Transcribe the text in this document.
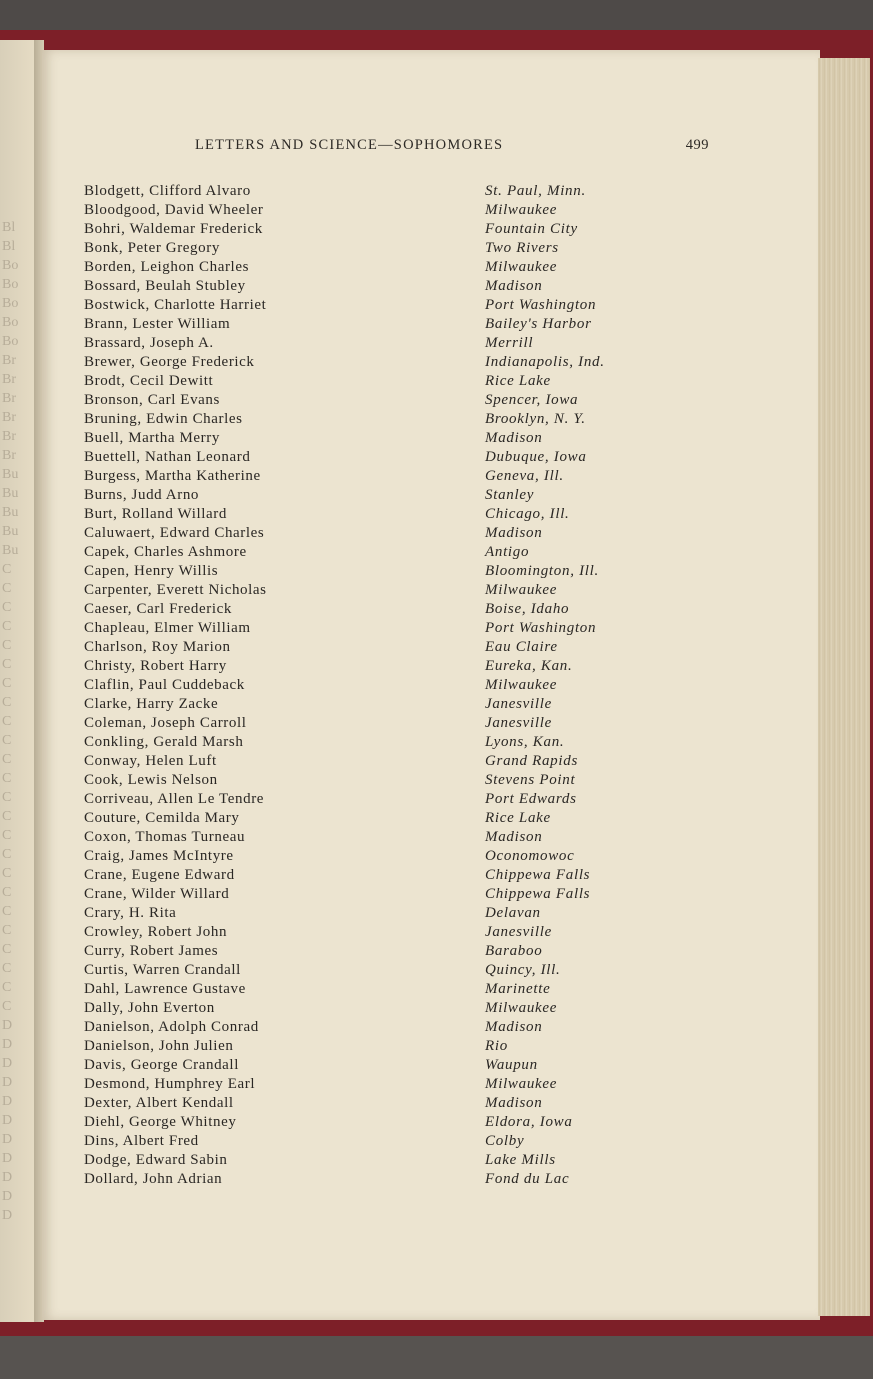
Bl
Bl
Bo
Bo
Bo
Bo
Bo
Br
Br
Br
Br
Br
Br
Bu
Bu
Bu
Bu
Bu
C
C
C
C
C
C
C
C
C
C
C
C
C
C
C
C
C
C
C
C
C
C
C
C
D
D
D
D
D
D
D
D
D
D
D
LETTERS AND SCIENCE—SOPHOMORES	499
Blodgett, Clifford Alvaro	St. Paul, Minn.
Bloodgood, David Wheeler	Milwaukee
Bohri, Waldemar Frederick	Fountain City
Bonk, Peter Gregory	Two Rivers
Borden, Leighon Charles	Milwaukee
Bossard, Beulah Stubley	Madison
Bostwick, Charlotte Harriet	Port Washington
Brann, Lester William	Bailey's Harbor
Brassard, Joseph A.	Merrill
Brewer, George Frederick	Indianapolis, Ind.
Brodt, Cecil Dewitt	Rice Lake
Bronson, Carl Evans	Spencer, Iowa
Bruning, Edwin Charles	Brooklyn, N. Y.
Buell, Martha Merry	Madison
Buettell, Nathan Leonard	Dubuque, Iowa
Burgess, Martha Katherine	Geneva, Ill.
Burns, Judd Arno	Stanley
Burt, Rolland Willard	Chicago, Ill.
Caluwaert, Edward Charles	Madison
Capek, Charles Ashmore	Antigo
Capen, Henry Willis	Bloomington, Ill.
Carpenter, Everett Nicholas	Milwaukee
Caeser, Carl Frederick	Boise, Idaho
Chapleau, Elmer William	Port Washington
Charlson, Roy Marion	Eau Claire
Christy, Robert Harry	Eureka, Kan.
Claflin, Paul Cuddeback	Milwaukee
Clarke, Harry Zacke	Janesville
Coleman, Joseph Carroll	Janesville
Conkling, Gerald Marsh	Lyons, Kan.
Conway, Helen Luft	Grand Rapids
Cook, Lewis Nelson	Stevens Point
Corriveau, Allen Le Tendre	Port Edwards
Couture, Cemilda Mary	Rice Lake
Coxon, Thomas Turneau	Madison
Craig, James McIntyre	Oconomowoc
Crane, Eugene Edward	Chippewa Falls
Crane, Wilder Willard	Chippewa Falls
Crary, H. Rita	Delavan
Crowley, Robert John	Janesville
Curry, Robert James	Baraboo
Curtis, Warren Crandall	Quincy, Ill.
Dahl, Lawrence Gustave	Marinette
Dally, John Everton	Milwaukee
Danielson, Adolph Conrad	Madison
Danielson, John Julien	Rio
Davis, George Crandall	Waupun
Desmond, Humphrey Earl	Milwaukee
Dexter, Albert Kendall	Madison
Diehl, George Whitney	Eldora, Iowa
Dins, Albert Fred	Colby
Dodge, Edward Sabin	Lake Mills
Dollard, John Adrian	Fond du Lac
